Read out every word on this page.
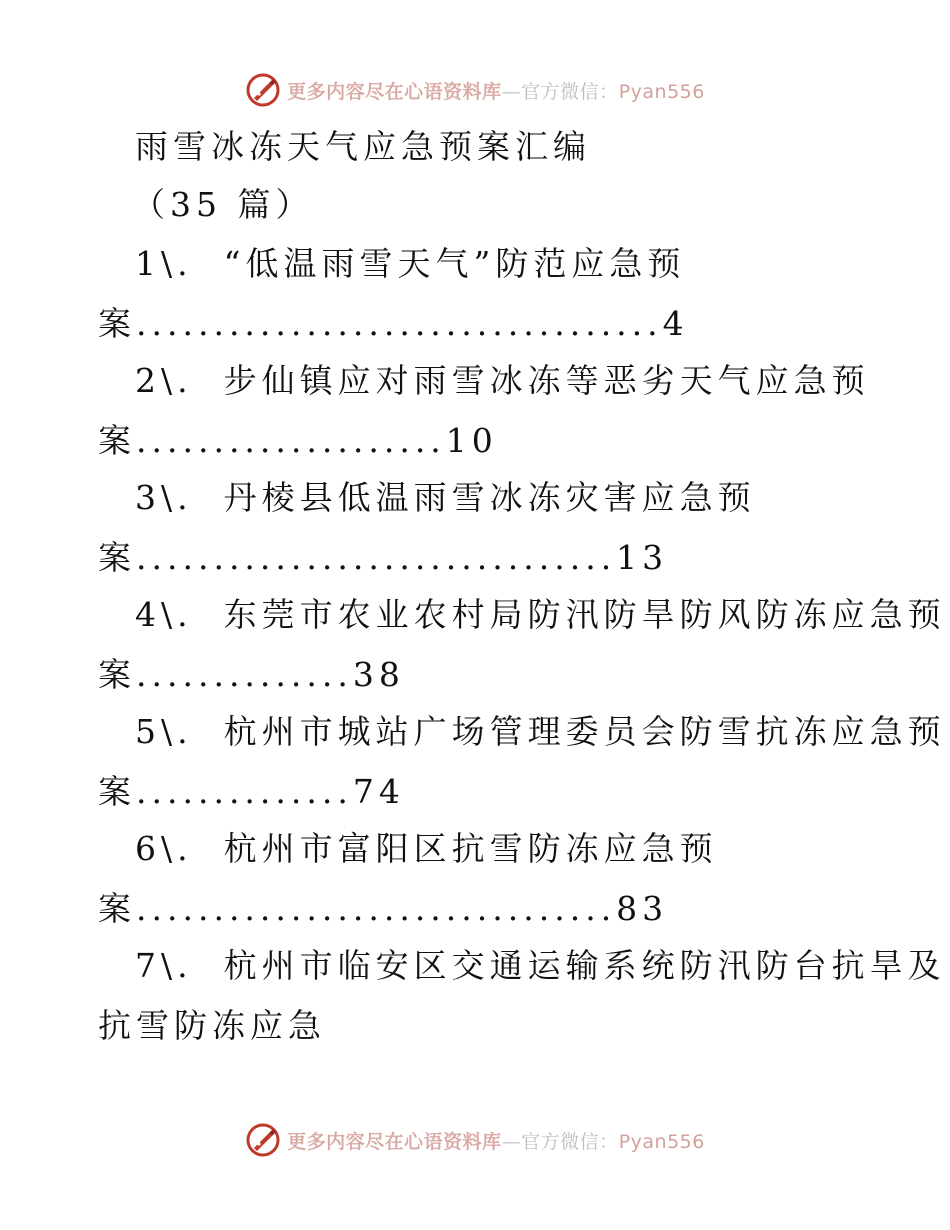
更多内容尽在心语资料库—官方微信：Pyan556
雨雪冰冻天气应急预案汇编
（35 篇）
1\. “低温雨雪天气”防范应急预
案..................................4
2\. 步仙镇应对雨雪冰冻等恶劣天气应急预
案....................10
3\. 丹棱县低温雨雪冰冻灾害应急预
案...............................13
4\. 东莞市农业农村局防汛防旱防风防冻应急预
案..............38
5\. 杭州市城站广场管理委员会防雪抗冻应急预
案..............74
6\. 杭州市富阳区抗雪防冻应急预
案...............................83
7\. 杭州市临安区交通运输系统防汛防台抗旱及
抗雪防冻应急
更多内容尽在心语资料库—官方微信：Pyan556
